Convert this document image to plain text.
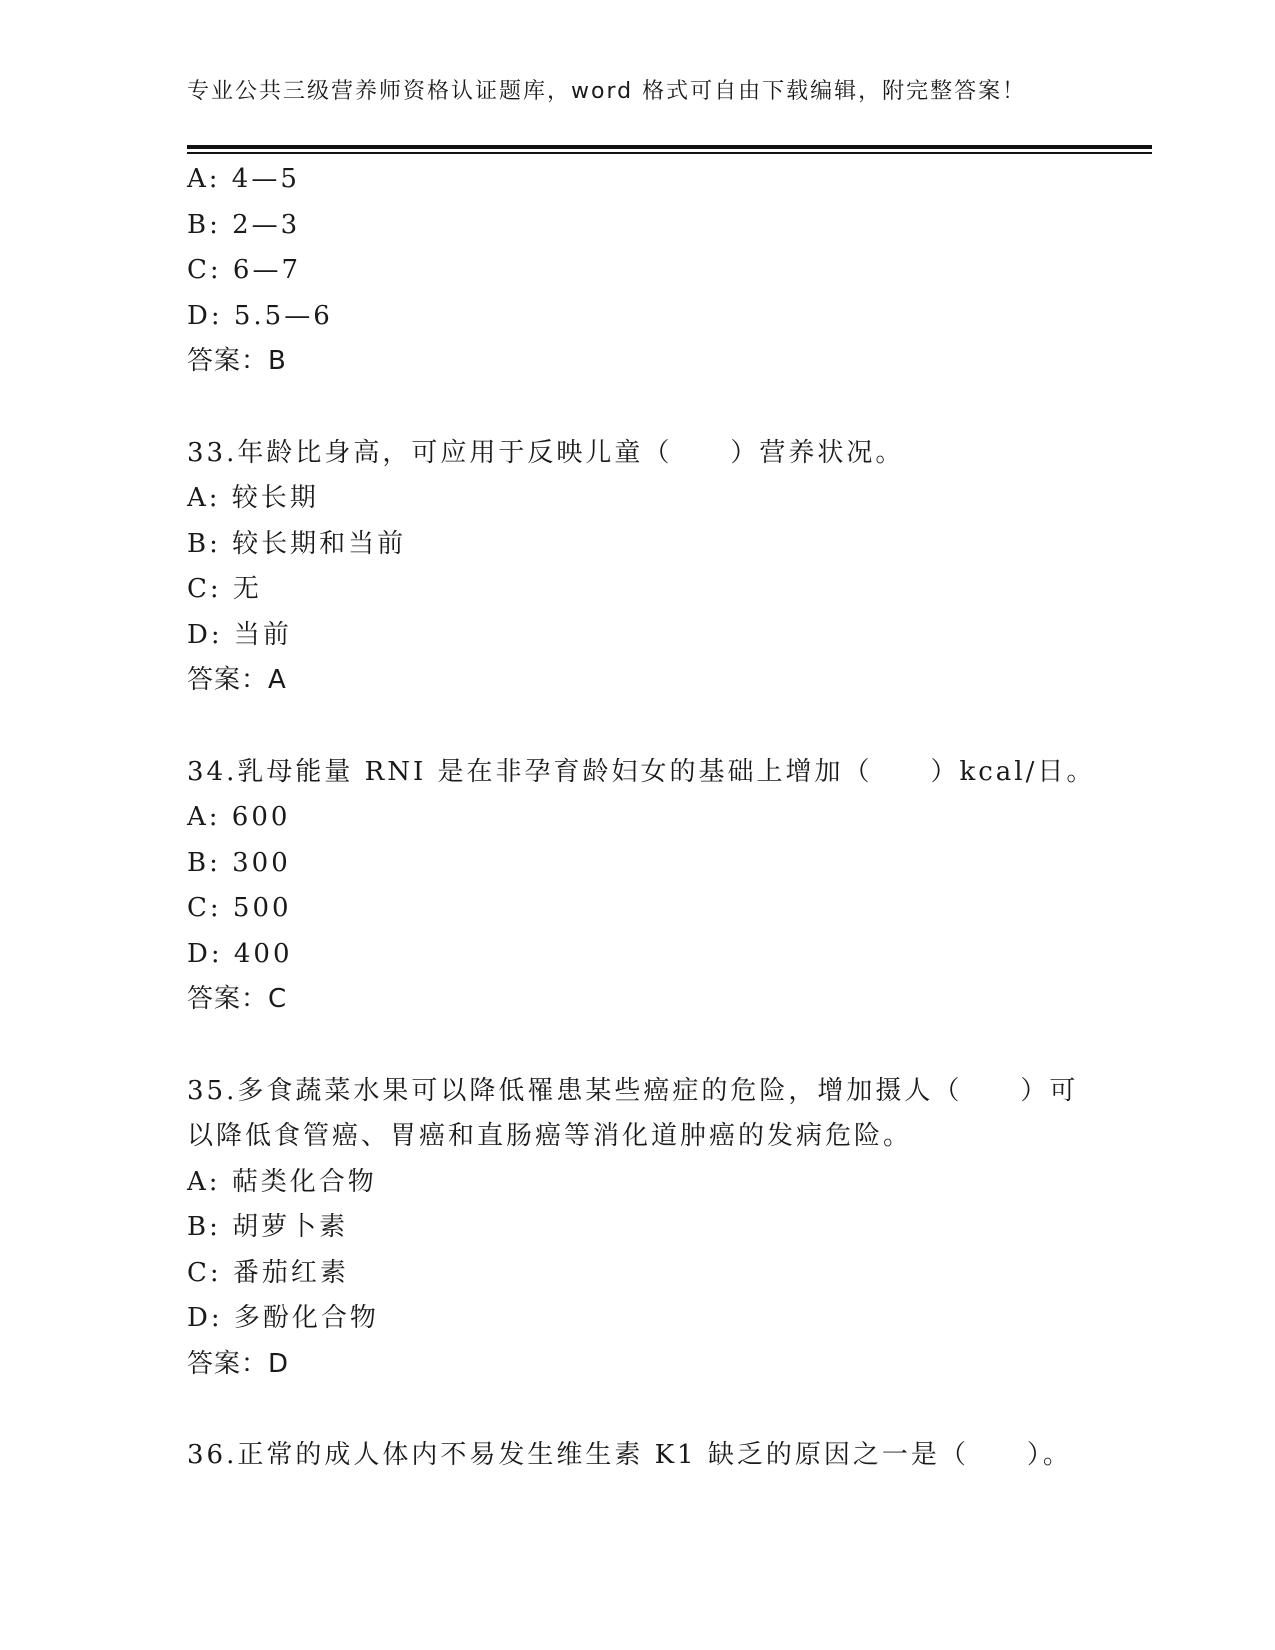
专业公共三级营养师资格认证题库，word 格式可自由下载编辑，附完整答案！
A: 4—5
B: 2—3
C: 6—7
D: 5.5—6
答案：B
33.年龄比身高，可应用于反映儿童（　　）营养状况。
A: 较长期
B: 较长期和当前
C: 无
D: 当前
答案：A
34.乳母能量 RNI 是在非孕育龄妇女的基础上增加（　　）kcal/日。
A: 600
B: 300
C: 500
D: 400
答案：C
35.多食蔬菜水果可以降低罹患某些癌症的危险，增加摄人（　　）可
以降低食管癌、胃癌和直肠癌等消化道肿癌的发病危险。
A: 萜类化合物
B: 胡萝卜素
C: 番茄红素
D: 多酚化合物
答案：D
36.正常的成人体内不易发生维生素 K1 缺乏的原因之一是（　　）。
